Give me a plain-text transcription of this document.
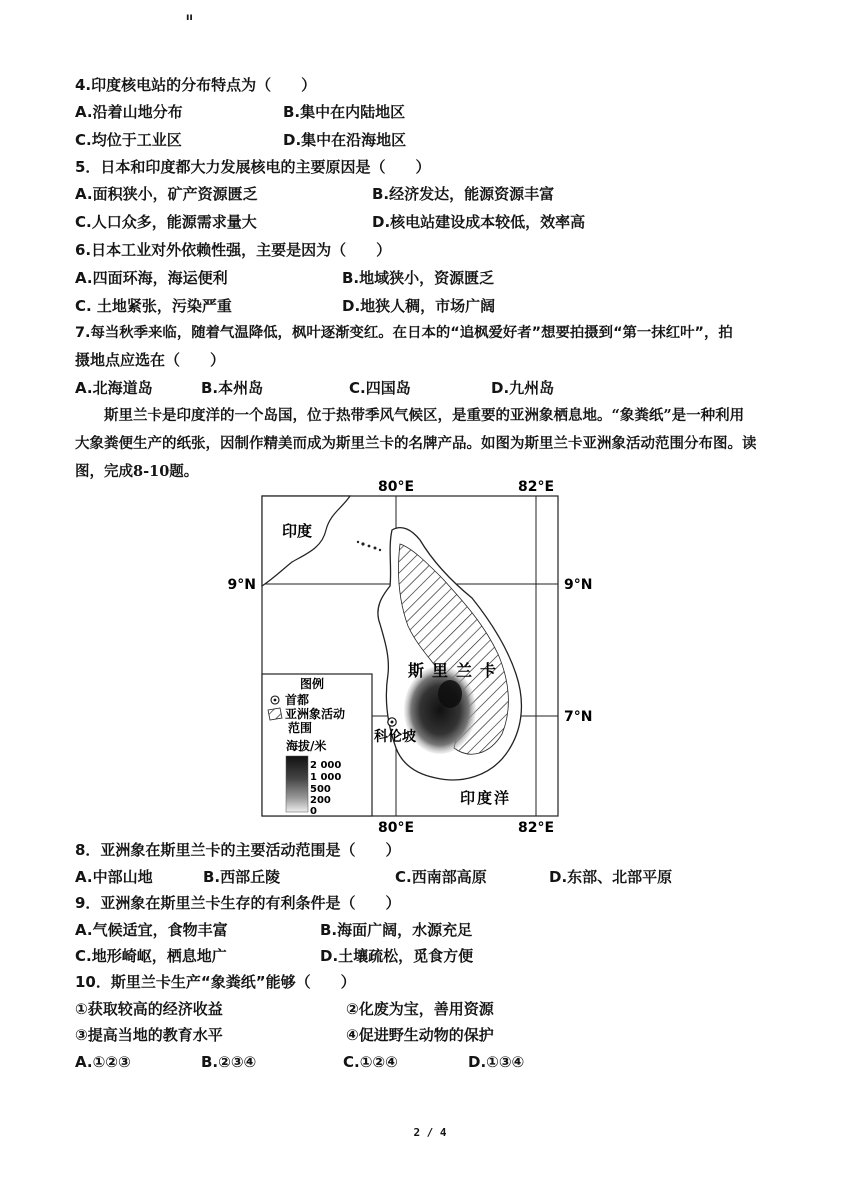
ıı
4.印度核电站的分布特点为（　　）
A.沿着山地分布	B.集中在内陆地区
C.均位于工业区	D.集中在沿海地区
5．日本和印度都大力发展核电的主要原因是（　　）
A.面积狭小，矿产资源匮乏	B.经济发达，能源资源丰富
C.人口众多，能源需求量大	D.核电站建设成本较低，效率高
6.日本工业对外依赖性强，主要是因为（　　）
A.四面环海，海运便利	B.地域狭小，资源匮乏
C. 土地紧张，污染严重	D.地狭人稠，市场广阔
7.每当秋季来临，随着气温降低，枫叶逐渐变红。在日本的“追枫爱好者”想要拍摄到“第一抹红叶”，拍
摄地点应选在（　　）
A.北海道岛	B.本州岛	C.四国岛	D.九州岛
斯里兰卡是印度洋的一个岛国，位于热带季风气候区，是重要的亚洲象栖息地。“象粪纸”是一种利用
大象粪便生产的纸张，因制作精美而成为斯里兰卡的名牌产品。如图为斯里兰卡亚洲象活动范围分布图。读
图，完成8-10题。
80°E	82°E
80°E	82°E
9°N	9°N
7°N
印度
斯里兰卡
科伦坡
印度洋
图例
首都
亚洲象活动
范围
海拔/米
2 000
1 000
500
200
0
8．亚洲象在斯里兰卡的主要活动范围是（　　）
A.中部山地	B.西部丘陵	C.西南部高原	D.东部、北部平原
9．亚洲象在斯里兰卡生存的有利条件是（　　）
A.气候适宜，食物丰富	B.海面广阔，水源充足
C.地形崎岖，栖息地广	D.土壤疏松，觅食方便
10．斯里兰卡生产“象粪纸”能够（　　）
①获取较高的经济收益	②化废为宝，善用资源
③提高当地的教育水平	④促进野生动物的保护
A.①②③	B.②③④	C.①②④	D.①③④
2 / 4
